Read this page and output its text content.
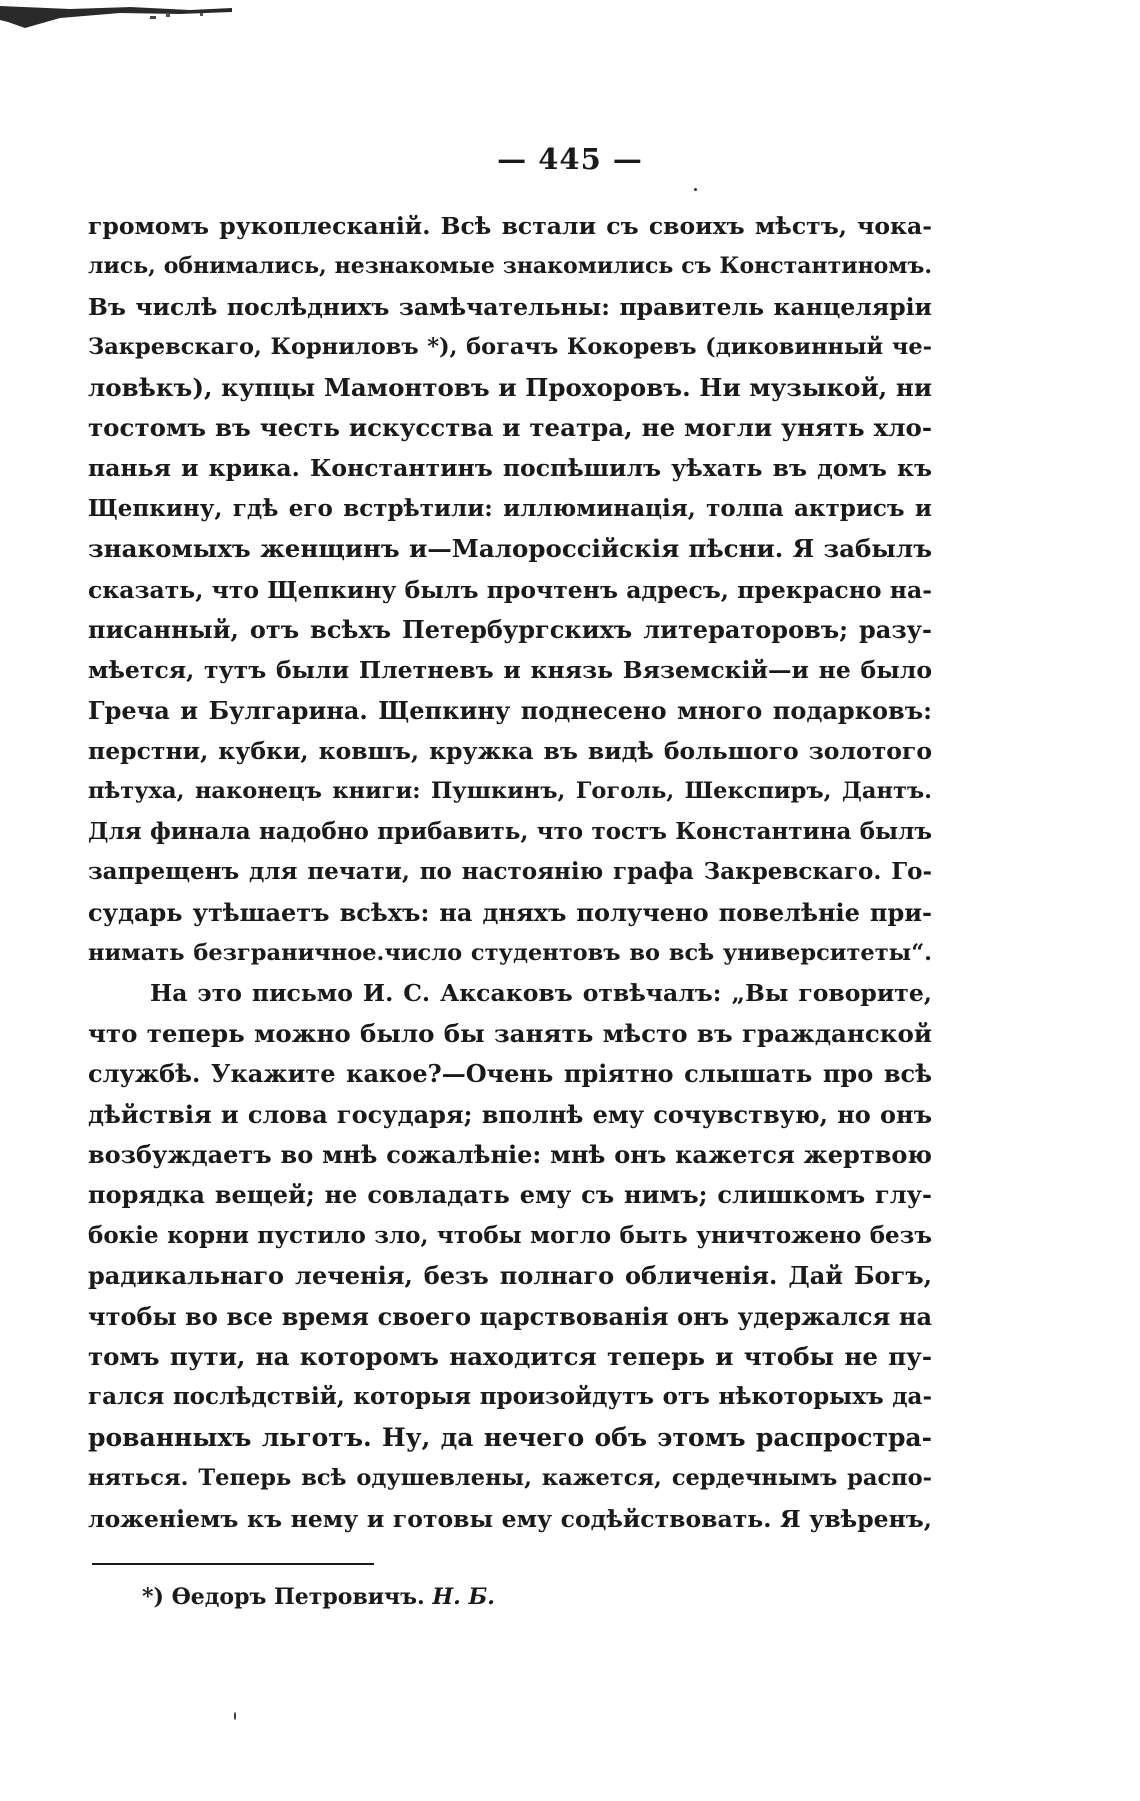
— 445 —
громомъ рукоплесканій. Всѣ встали съ своихъ мѣстъ, чока-
лись, обнимались, незнакомые знакомились съ Константиномъ.
Въ числѣ послѣднихъ замѣчательны: правитель канцеляріи
Закревскаго, Корниловъ *), богачъ Кокоревъ (диковинный че-
ловѣкъ), купцы Мамонтовъ и Прохоровъ. Ни музыкой, ни
тостомъ въ честь искусства и театра, не могли унять хло-
панья и крика. Константинъ поспѣшилъ уѣхать въ домъ къ
Щепкину, гдѣ его встрѣтили: иллюминація, толпа актрисъ и
знакомыхъ женщинъ и—Малороссійскія пѣсни. Я забылъ
сказать, что Щепкину былъ прочтенъ адресъ, прекрасно на-
писанный, отъ всѣхъ Петербургскихъ литераторовъ; разу-
мѣется, тутъ были Плетневъ и князь Вяземскій—и не было
Греча и Булгарина. Щепкину поднесено много подарковъ:
перстни, кубки, ковшъ, кружка въ видѣ большого золотого
пѣтуха, наконецъ книги: Пушкинъ, Гоголь, Шекспиръ, Дантъ.
Для финала надобно прибавить, что тостъ Константина былъ
запрещенъ для печати, по настоянію графа Закревскаго. Го-
сударь утѣшаетъ всѣхъ: на дняхъ получено повелѣніе при-
нимать безграничное.число студентовъ во всѣ университеты“.
На это письмо И. С. Аксаковъ отвѣчалъ: „Вы говорите,
что теперь можно было бы занять мѣсто въ гражданской
службѣ. Укажите какое?—Очень пріятно слышать про всѣ
дѣйствія и слова государя; вполнѣ ему сочувствую, но онъ
возбуждаетъ во мнѣ сожалѣніе: мнѣ онъ кажется жертвою
порядка вещей; не совладать ему съ нимъ; слишкомъ глу-
бокіе корни пустило зло, чтобы могло быть уничтожено безъ
радикальнаго леченія, безъ полнаго обличенія. Дай Богъ,
чтобы во все время своего царствованія онъ удержался на
томъ пути, на которомъ находится теперь и чтобы не пу-
гался послѣдствій, которыя произойдутъ отъ нѣкоторыхъ да-
рованныхъ льготъ. Ну, да нечего объ этомъ распростра-
няться. Теперь всѣ одушевлены, кажется, сердечнымъ распо-
ложеніемъ къ нему и готовы ему содѣйствовать. Я увѣренъ,
*) Ѳедоръ Петровичъ. Н. Б.
